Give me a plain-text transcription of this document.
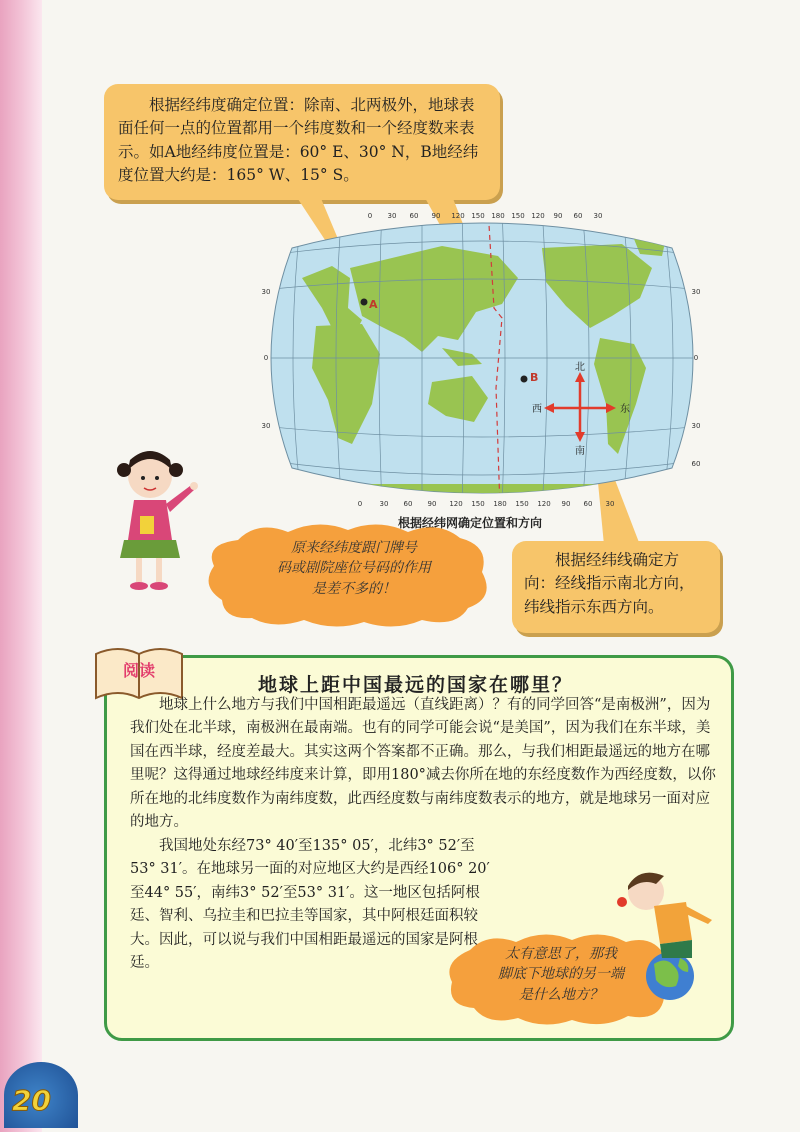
根据经纬度确定位置：除南、北两极外，地球表面任何一点的位置都用一个纬度数和一个经度数来表示。如A地经纬度位置是：60° E、30° N，B地经纬度位置大约是：165° W、15° S。

0 30 60 90 120 150 180 150 120 90 60 30
0 30 60 90 120 150 180 150 120 90 60 30
30
0
30
30
0
30
60
A
B
北
南
西	东
根据经纬网确定位置和方向
原来经纬度跟门牌号
码或剧院座位号码的作用
是差不多的！

根据经纬线确定方向：经线指示南北方向，纬线指示东西方向。

阅读
地球上距中国最远的国家在哪里？

地球上什么地方与我们中国相距最遥远（直线距离）？有的同学回答“是南极洲”，因为我们处在北半球，南极洲在最南端。也有的同学可能会说“是美国”，因为我们在东半球，美国在西半球，经度差最大。其实这两个答案都不正确。那么，与我们相距最遥远的地方在哪里呢？这得通过地球经纬度来计算，即用180°减去你所在地的东经度数作为西经度数，以你所在地的北纬度数作为南纬度数，此西经度数与南纬度数表示的地方，就是地球另一面对应的地方。

我国地处东经73° 40′至135° 05′，北纬3° 52′至53° 31′。在地球另一面的对应地区大约是西经106° 20′至44° 55′，南纬3° 52′至53° 31′。这一地区包括阿根廷、智利、乌拉圭和巴拉圭等国家，其中阿根廷面积较大。因此，可以说与我们中国相距最遥远的国家是阿根廷。

太有意思了，那我
脚底下地球的另一端
是什么地方？
20
